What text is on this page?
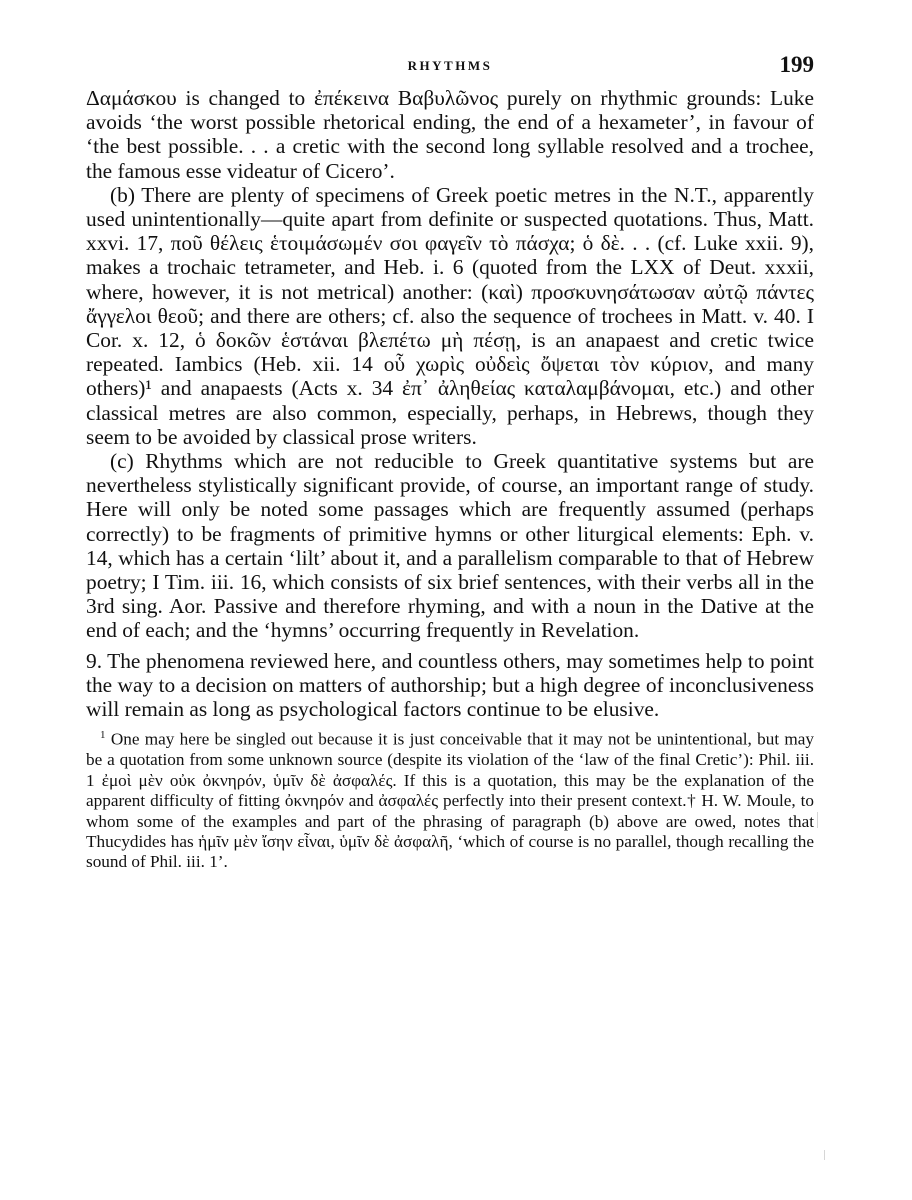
RHYTHMS	199

Δαμάσκου is changed to ἐπέκεινα Βαβυλῶνος purely on rhythmic grounds: Luke avoids ‘the worst possible rhetorical ending, the end of a hexameter’, in favour of ‘the best possible. . . a cretic with the second long syllable resolved and a trochee, the famous esse videatur of Cicero’.

(b) There are plenty of specimens of Greek poetic metres in the N.T., apparently used unintentionally—quite apart from definite or suspected quotations. Thus, Matt. xxvi. 17, ποῦ θέλεις ἑτοιμάσωμέν σοι φαγεῖν τὸ πάσχα; ὁ δὲ. . . (cf. Luke xxii. 9), makes a trochaic tetrameter, and Heb. i. 6 (quoted from the LXX of Deut. xxxii, where, however, it is not metrical) another: (καὶ) προσκυνησάτωσαν αὐτῷ πάντες ἄγγελοι θεοῦ; and there are others; cf. also the sequence of trochees in Matt. v. 40. I Cor. x. 12, ὁ δοκῶν ἑστάναι βλεπέτω μὴ πέσῃ, is an anapaest and cretic twice repeated. Iambics (Heb. xii. 14 οὗ χωρὶς οὐδεὶς ὄψεται τὸν κύριον, and many others)¹ and anapaests (Acts x. 34 ἐπ᾽ ἀληθείας καταλαμβάνομαι, etc.) and other classical metres are also common, especially, perhaps, in Hebrews, though they seem to be avoided by classical prose writers.

(c) Rhythms which are not reducible to Greek quantitative systems but are nevertheless stylistically significant provide, of course, an important range of study. Here will only be noted some passages which are frequently assumed (perhaps correctly) to be fragments of primitive hymns or other liturgical elements: Eph. v. 14, which has a certain ‘lilt’ about it, and a parallelism comparable to that of Hebrew poetry; I Tim. iii. 16, which consists of six brief sentences, with their verbs all in the 3rd sing. Aor. Passive and therefore rhyming, and with a noun in the Dative at the end of each; and the ‘hymns’ occurring frequently in Revelation.

9. The phenomena reviewed here, and countless others, may sometimes help to point the way to a decision on matters of authorship; but a high degree of inconclusiveness will remain as long as psychological factors continue to be elusive.

$^1$ One may here be singled out because it is just conceivable that it may not be unintentional, but may be a quotation from some unknown source (despite its violation of the ‘law of the final Cretic’): Phil. iii. 1 ἐμοὶ μὲν οὐκ ὀκνηρόν, ὑμῖν δὲ ἀσφαλές. If this is a quotation, this may be the explanation of the apparent difficulty of fitting ὀκνηρόν and ἀσφαλές perfectly into their present context.† H. W. Moule, to whom some of the examples and part of the phrasing of paragraph (b) above are owed, notes that Thucydides has ἡμῖν μὲν ἴσην εἶναι, ὑμῖν δὲ ἀσφαλῆ, ‘which of course is no parallel, though recalling the sound of Phil. iii. 1’.
